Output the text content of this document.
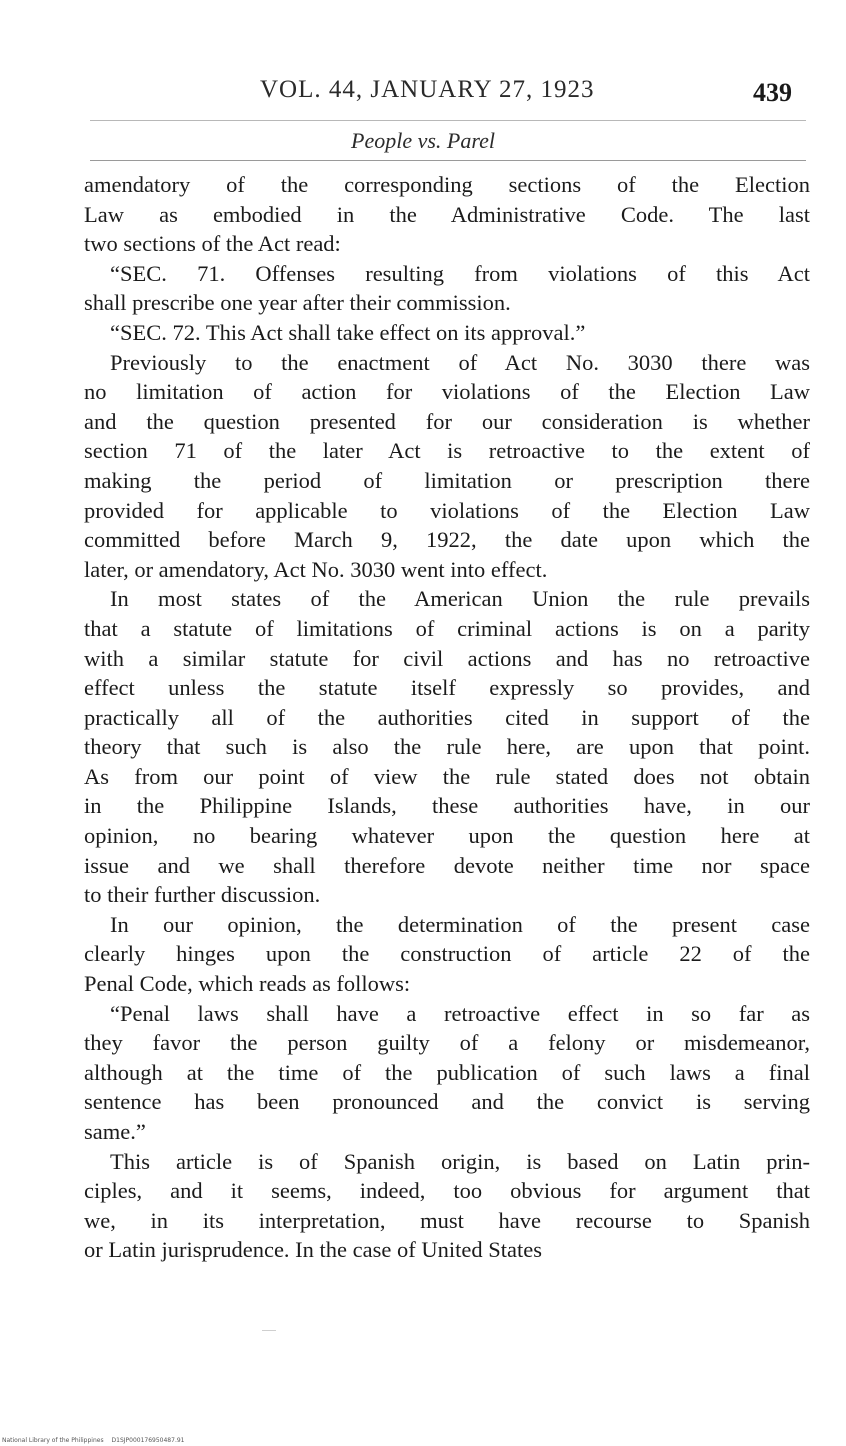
VOL. 44, JANUARY 27, 1923	439
People vs. Parel
amendatory of the corresponding sections of the Election
Law as embodied in the Administrative Code. The last
two sections of the Act read:
“SEC. 71. Offenses resulting from violations of this Act
shall prescribe one year after their commission.
“SEC. 72. This Act shall take effect on its approval.”
Previously to the enactment of Act No. 3030 there was
no limitation of action for violations of the Election Law
and the question presented for our consideration is whether
section 71 of the later Act is retroactive to the extent of
making the period of limitation or prescription there
provided for applicable to violations of the Election Law
committed before March 9, 1922, the date upon which the
later, or amendatory, Act No. 3030 went into effect.
In most states of the American Union the rule prevails
that a statute of limitations of criminal actions is on a parity
with a similar statute for civil actions and has no retroactive
effect unless the statute itself expressly so provides, and
practically all of the authorities cited in support of the
theory that such is also the rule here, are upon that point.
As from our point of view the rule stated does not obtain
in the Philippine Islands, these authorities have, in our
opinion, no bearing whatever upon the question here at
issue and we shall therefore devote neither time nor space
to their further discussion.
In our opinion, the determination of the present case
clearly hinges upon the construction of article 22 of the
Penal Code, which reads as follows:
“Penal laws shall have a retroactive effect in so far as
they favor the person guilty of a felony or misdemeanor,
although at the time of the publication of such laws a final
sentence has been pronounced and the convict is serving
same.”
This article is of Spanish origin, is based on Latin prin-
ciples, and it seems, indeed, too obvious for argument that
we, in its interpretation, must have recourse to Spanish
or Latin jurisprudence. In the case of United States
National Library of the Philippines D1SJP000176950487.91
